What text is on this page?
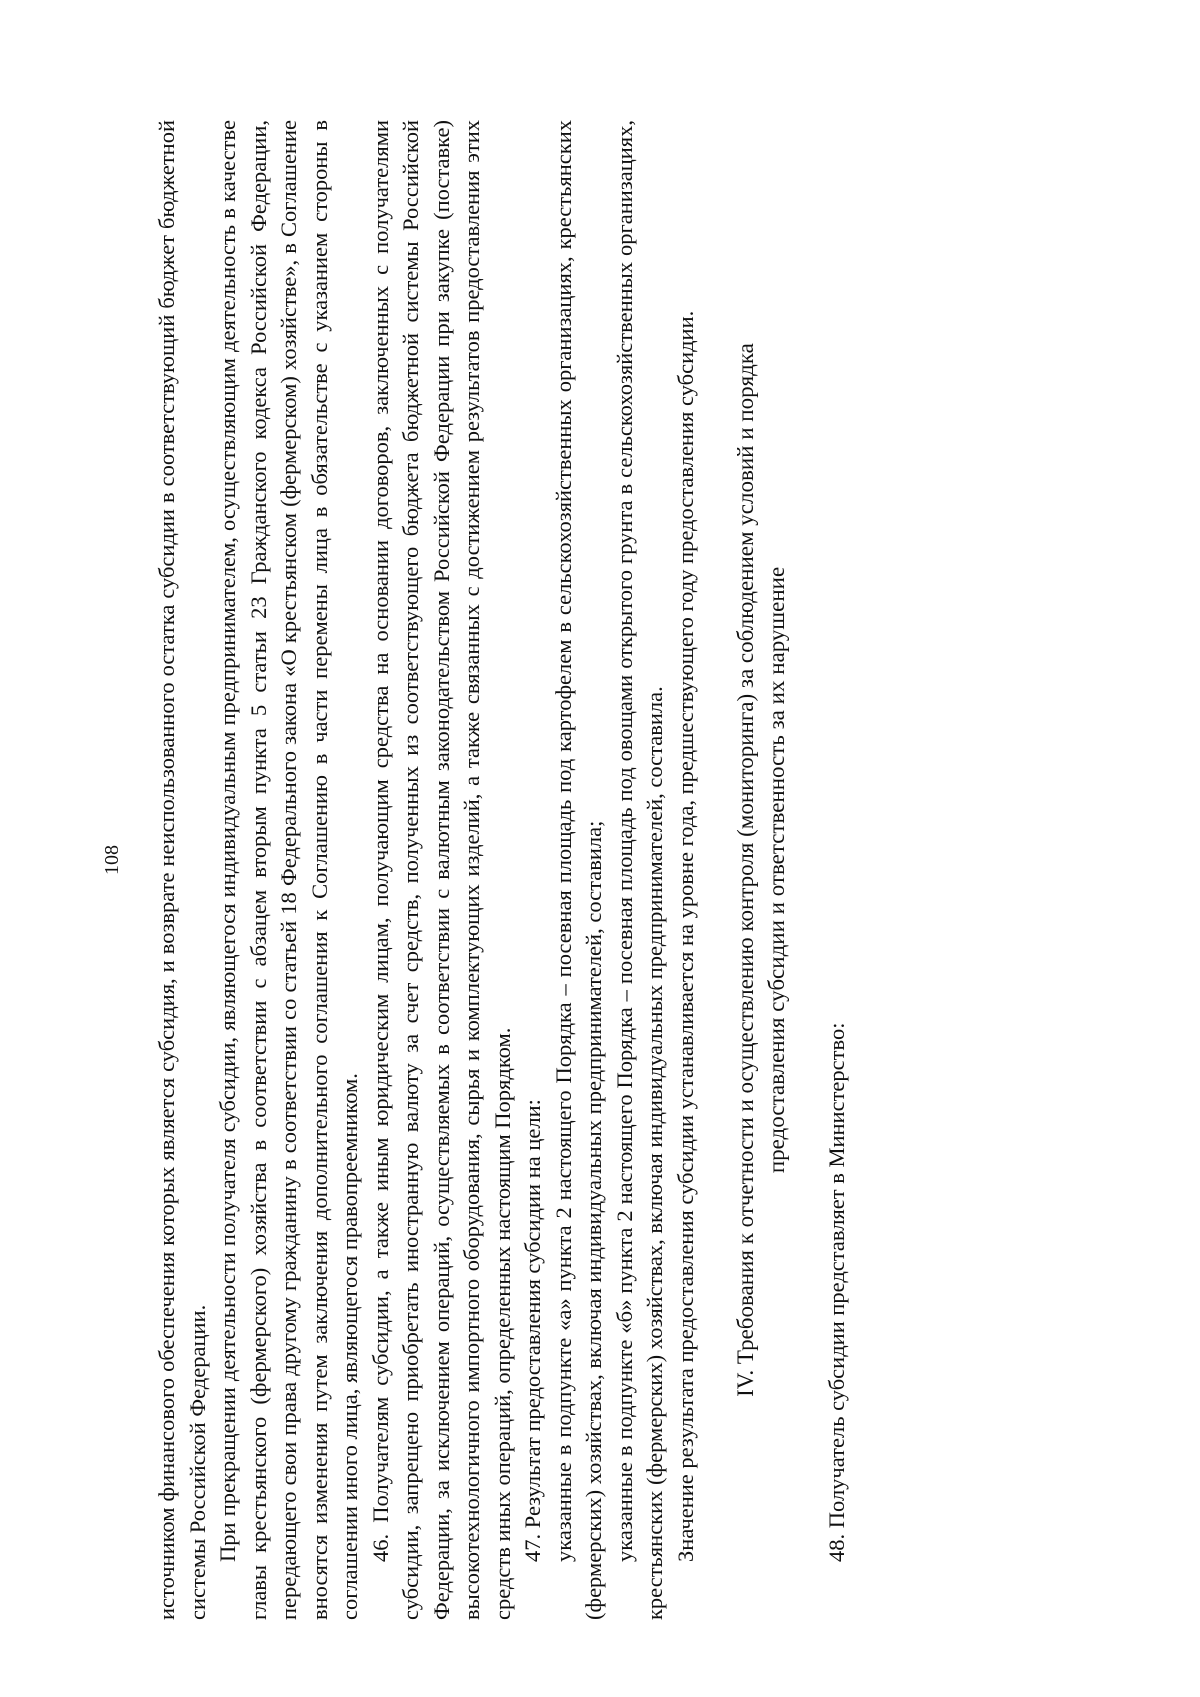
108 источником финансового обеспечения которых является субсидия, и возврате неиспользованного остатка субсидии в соответствующий бюджет бюджетной системы Российской Федерации. При прекращении деятельности получателя субсидии, являющегося индивидуальным предпринимателем, осуществляющим деятельность в качестве главы крестьянского (фермерского) хозяйства в соответствии с абзацем вторым пункта 5 статьи 23 Гражданского кодекса Российской Федерации, передающего свои права другому гражданину в соответствии со статьей 18 Федерального закона «О крестьянском (фермерском) хозяйстве», в Соглашение вносятся изменения путем заключения дополнительного соглашения к Соглашению в части перемены лица в обязательстве с указанием стороны в соглашении иного лица, являющегося правопреемником. 46. Получателям субсидии, а также иным юридическим лицам, получающим средства на основании договоров, заключенных с получателями субсидии, запрещено приобретать иностранную валюту за счет средств, полученных из соответствующего бюджета бюджетной системы Российской Федерации, за исключением операций, осуществляемых в соответствии с валютным законодательством Российской Федерации при закупке (поставке) высокотехнологичного импортного оборудования, сырья и комплектующих изделий, а также связанных с достижением результатов предоставления этих средств иных операций, определенных настоящим Порядком. 47. Результат предоставления субсидии на цели: указанные в подпункте «а» пункта 2 настоящего Порядка – посевная площадь под картофелем в сельскохозяйственных организациях, крестьянских (фермерских) хозяйствах, включая индивидуальных предпринимателей, составила; указанные в подпункте «б» пункта 2 настоящего Порядка – посевная площадь под овощами открытого грунта в сельскохозяйственных организациях, крестьянских (фермерских) хозяйствах, включая индивидуальных предпринимателей, составила. Значение результата предоставления субсидии устанавливается на уровне года, предшествующего году предоставления субсидии. IV. Требования к отчетности и осуществлению контроля (мониторинга) за соблюдением условий и порядка предоставления субсидии и ответственность за их нарушение

48. Получатель субсидии представляет в Министерство:
